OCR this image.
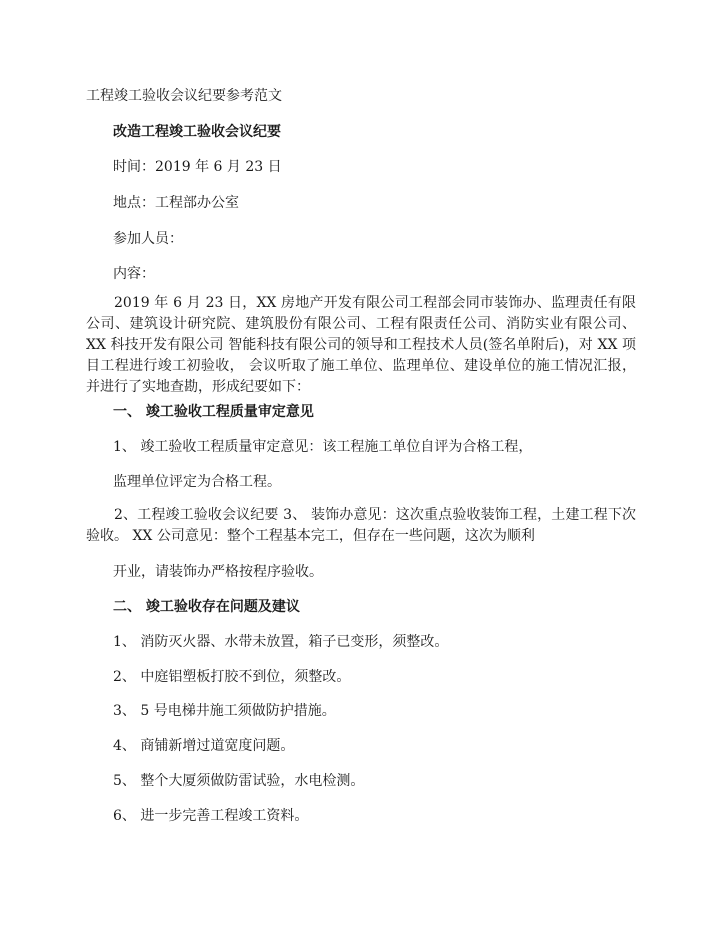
工程竣工验收会议纪要参考范文
改造工程竣工验收会议纪要
时间：2019 年 6 月 23 日
地点：工程部办公室
参加人员：
内容：
2019 年 6 月 23 日，XX 房地产开发有限公司工程部会同市装饰办、监理责任有限公司、建筑设计研究院、建筑股份有限公司、工程有限责任公司、消防实业有限公司、XX 科技开发有限公司 智能科技有限公司的领导和工程技术人员(签名单附后)，对 XX 项目工程进行竣工初验收， 会议听取了施工单位、监理单位、建设单位的施工情况汇报，并进行了实地查勘，形成纪要如下：
一、 竣工验收工程质量审定意见
1、 竣工验收工程质量审定意见：该工程施工单位自评为合格工程，
监理单位评定为合格工程。
2、工程竣工验收会议纪要 3、 装饰办意见：这次重点验收装饰工程，土建工程下次验收。 XX 公司意见：整个工程基本完工，但存在一些问题，这次为顺利
开业，请装饰办严格按程序验收。
二、 竣工验收存在问题及建议
1、 消防灭火器、水带未放置，箱子已变形，须整改。
2、 中庭铝塑板打胶不到位，须整改。
3、 5 号电梯井施工须做防护措施。
4、 商铺新增过道宽度问题。
5、 整个大厦须做防雷试验，水电检测。
6、 进一步完善工程竣工资料。
